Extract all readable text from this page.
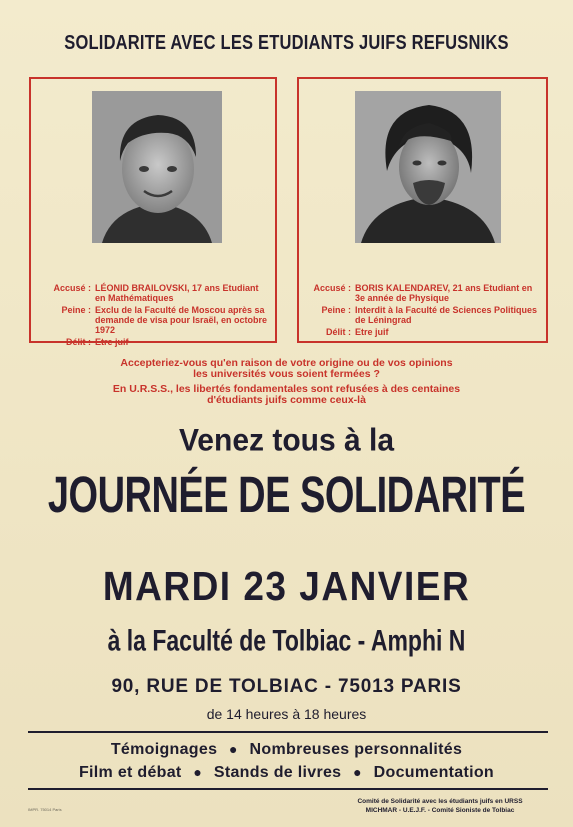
SOLIDARITE AVEC LES ETUDIANTS JUIFS REFUSNIKS
Accusé : LÉONID BRAILOVSKI, 17 ans Etudiant en Mathématiques
Peine : Exclu de la Faculté de Moscou après sa demande de visa pour Israël, en octobre 1972
Délit : Etre juif
Accusé : BORIS KALENDAREV, 21 ans Etudiant en 3e année de Physique
Peine : Interdit à la Faculté de Sciences Politiques de Léningrad
Délit : Etre juif
Accepteriez-vous qu'en raison de votre origine ou de vos opinions
les universités vous soient fermées ?
En U.R.S.S., les libertés fondamentales sont refusées à des centaines
d'étudiants juifs comme ceux-là
Venez tous à la
JOURNÉE DE SOLIDARITÉ
MARDI 23 JANVIER
à la Faculté de Tolbiac - Amphi N
90, RUE DE TOLBIAC - 75013 PARIS
de 14 heures à 18 heures
Témoignages ● Nombreuses personnalités
Film et débat ● Stands de livres ● Documentation
IMPR. 75014 Paris
Comité de Solidarité avec les étudiants juifs en URSS
MICHMAR - U.E.J.F. - Comité Sioniste de Tolbiac
